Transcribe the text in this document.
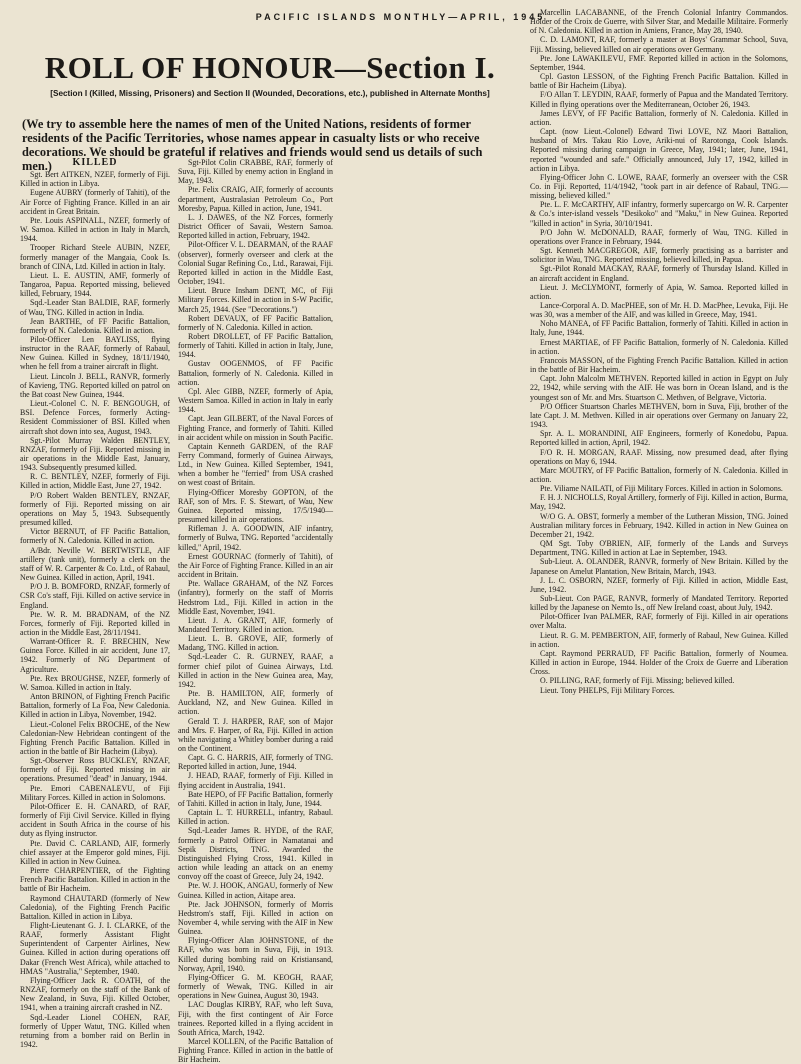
PACIFIC ISLANDS MONTHLY—APRIL, 1945
ROLL OF HONOUR—Section I.
[Section I (Killed, Missing, Prisoners) and Section II (Wounded, Decorations, etc.), published in Alternate Months]
(We try to assemble here the names of men of the United Nations, residents of former residents of the Pacific Territories, whose names appear in casualty lists or who receive decorations. We should be grateful if relatives and friends would send us details of such men.)	KILLED

Sgt. Bert AITKEN, NZEF, formerly of Fiji. Killed in action in Libya.

Eugene AUBRY (formerly of Tahiti), of the Air Force of Fighting France. Killed in an air accident in Great Britain.

Pte. Louis ASPINALL, NZEF, formerly of W. Samoa. Killed in action in Italy in March, 1944.

Trooper Richard Steele AUBIN, NZEF, formerly manager of the Mangaia, Cook Is. branch of CINA, Ltd. Killed in action in Italy.

Lieut. L. E. AUSTIN, AMF, formerly of Tangaroa, Papua. Reported missing, believed killed, February, 1944.

Sqd.-Leader Stan BALDIE, RAF, formerly of Wau, TNG. Killed in action in India.

Jean BARTHE, of FF Pacific Battalion, formerly of N. Caledonia. Killed in action.

Pilot-Officer Len BAYLISS, flying instructor in the RAAF, formerly of Rabaul, New Guinea. Killed in Sydney, 18/11/1940, when he fell from a trainer aircraft in flight.

Lieut. Lincoln J. BELL, RANVR, formerly of Kavieng, TNG. Reported killed on patrol on the Bat coast New Guinea, 1944.

Lieut.-Colonel C. N. F. BENGOUGH, of BSI. Defence Forces, formerly Acting-Resident Commissioner of BSI. Killed when aircraft shot down into sea, August, 1943.

Sgt.-Pilot Murray Walden BENTLEY, RNZAF, formerly of Fiji. Reported missing in air operations in the Middle East, January, 1943. Subsequently presumed killed.

R. C. BENTLEY, NZEF, formerly of Fiji. Killed in action, Middle East, June 27, 1942.

P/O Robert Walden BENTLEY, RNZAF, formerly of Fiji. Reported missing on air operations on May 5, 1943. Subsequently presumed killed.

Victor BERNUT, of FF Pacific Battalion, formerly of N. Caledonia. Killed in action.

A/Bdr. Neville W. BERTWISTLE, AIF artillery (tank unit), formerly a clerk on the staff of W. R. Carpenter & Co. Ltd., of Rabaul, New Guinea. Killed in action, April, 1941.

P/O J. B. BOMFORD, RNZAF, formerly of CSR Co's staff, Fiji. Killed on active service in England.

Pte. W. R. M. BRADNAM, of the NZ Forces, formerly of Fiji. Reported killed in action in the Middle East, 28/11/1941.

Warrant-Officer R. F. BRECHIN, New Guinea Force. Killed in air accident, June 17, 1942. Formerly of NG Department of Agriculture.

Pte. Rex BROUGHSE, NZEF, formerly of W. Samoa. Killed in action in Italy.

Anton BRINON, of Fighting French Pacific Battalion, formerly of La Foa, New Caledonia. Killed in action in Libya, November, 1942.

Lieut.-Colonel Felix BROCHE, of the New Caledonian-New Hebridean contingent of the Fighting French Pacific Battalion. Killed in action in the battle of Bir Hacheim (Libya).

Sgt.-Observer Ross BUCKLEY, RNZAF, formerly of Fiji. Reported missing in air operations. Presumed "dead" in January, 1944.

Pte. Emori CABENALEVU, of Fiji Military Forces. Killed in action in Solomons.

Pilot-Officer E. H. CANARD, of RAF, formerly of Fiji Civil Service. Killed in flying accident in South Africa in the course of his duty as flying instructor.

Pte. David C. CARLAND, AIF, formerly chief assayer at the Emperor gold mines, Fiji. Killed in action in New Guinea.

Pierre CHARPENTIER, of the Fighting French Pacific Battalion. Killed in action in the battle of Bir Hacheim.

Raymond CHAUTARD (formerly of New Caledonia), of the Fighting French Pacific Battalion. Killed in action in Libya.

Flight-Lieutenant G. J. I. CLARKE, of the RAAF, formerly Assistant Flight Superintendent of Carpenter Airlines, New Guinea. Killed in action during operations off Dakar (French West Africa), while attached to HMAS "Australia," September, 1940.

Flying-Officer Jack R. COATH, of the RNZAF, formerly on the staff of the Bank of New Zealand, in Suva, Fiji. Killed October, 1941, when a training aircraft crashed in NZ.

Sqd.-Leader Lionel COHEN, RAF, formerly of Upper Watut, TNG. Killed when returning from a bomber raid on Berlin in 1942.

Sgt-Pilot Colin CRABBE, RAF, formerly of Suva, Fiji. Killed by enemy action in England in May, 1943.

Pte. Felix CRAIG, AIF, formerly of accounts department, Australasian Petroleum Co., Port Moresby, Papua. Killed in action, June, 1941.

L. J. DAWES, of the NZ Forces, formerly District Officer of Savaii, Western Samoa. Reported killed in action, February, 1942.

Pilot-Officer V. L. DEARMAN, of the RAAF (observer), formerly overseer and clerk at the Colonial Sugar Refining Co., Ltd., Rarawai, Fiji. Reported killed in action in the Middle East, October, 1941.

Lieut. Bruce Insham DENT, MC, of Fiji Military Forces. Killed in action in S-W Pacific, March 25, 1944. (See "Decorations.")

Robert DEVAUX, of FF Pacific Battalion, formerly of N. Caledonia. Killed in action.

Robert DROLLET, of FF Pacific Battalion, formerly of Tahiti. Killed in action in Italy, June, 1944.

Gustav OOGENMOS, of FF Pacific Battalion, formerly of N. Caledonia. Killed in action.

Cpl. Alec GIBB, NZEF, formerly of Apia, Western Samoa. Killed in action in Italy in early 1944.

Capt. Jean GILBERT, of the Naval Forces of Fighting France, and formerly of Tahiti. Killed in air accident while on mission in South Pacific.

Captain Kenneth GARDEN, of the RAF Ferry Command, formerly of Guinea Airways, Ltd., in New Guinea. Killed September, 1941, when a bomber he "ferried" from USA crashed on west coast of Britain.

Flying-Officer Moresby GOPTON, of the RAF, son of Mrs. F. S. Stewart, of Wau, New Guinea. Reported missing, 17/5/1940—presumed killed in air operations.

Rifleman J. A. GOODWIN, AIF infantry, formerly of Bulwa, TNG. Reported "accidentally killed," April, 1942.

Ernest GOURNAC (formerly of Tahiti), of the Air Force of Fighting France. Killed in an air accident in Britain.

Pte. Wallace GRAHAM, of the NZ Forces (infantry), formerly on the staff of Morris Hedstrom Ltd., Fiji. Killed in action in the Middle East, November, 1941.

Lieut. J. A. GRANT, AIF, formerly of Mandated Territory. Killed in action.

Lieut. L. B. GROVE, AIF, formerly of Madang, TNG. Killed in action.

Sqd.-Leader C. R. GURNEY, RAAF, a former chief pilot of Guinea Airways, Ltd. Killed in action in the New Guinea area, May, 1942.

Pte. B. HAMILTON, AIF, formerly of Auckland, NZ, and New Guinea. Killed in action.

Gerald T. J. HARPER, RAF, son of Major and Mrs. F. Harper, of Ra, Fiji. Killed in action while navigating a Whitley bomber during a raid on the Continent.

Capt. G. C. HARRIS, AIF, formerly of TNG. Reported killed in action, June, 1944.

J. HEAD, RAAF, formerly of Fiji. Killed in flying accident in Australia, 1941.

Bate HEPO, of FF Pacific Battalion, formerly of Tahiti. Killed in action in Italy, June, 1944.

Captain L. T. HURRELL, infantry, Rabaul. Killed in action.

Sqd.-Leader James R. HYDE, of the RAF, formerly a Patrol Officer in Namatanai and Sepik Districts, TNG. Awarded the Distinguished Flying Cross, 1941. Killed in action while leading an attack on an enemy convoy off the coast of Greece, July 24, 1942.

Pte. W. J. HOOK, ANGAU, formerly of New Guinea. Killed in action, Aitape area.

Pte. Jack JOHNSON, formerly of Morris Hedstrom's staff, Fiji. Killed in action on November 4, while serving with the AIF in New Guinea.

Flying-Officer Alan JOHNSTONE, of the RAF, who was born in Suva, Fiji, in 1913. Killed during bombing raid on Kristiansand, Norway, April, 1940.

Flying-Officer G. M. KEOGH, RAAF, formerly of Wewak, TNG. Killed in air operations in New Guinea, August 30, 1943.

LAC Douglas KIRBY, RAF, who left Suva, Fiji, with the first contingent of Air Force trainees. Reported killed in a flying accident in South Africa, March, 1942.

Marcel KOLLEN, of the Pacific Battalion of Fighting France. Killed in action in the battle of Bir Hacheim.

Marcellin LACABANNE, of the French Colonial Infantry Commandos. Holder of the Croix de Guerre, with Silver Star, and Medaille Militaire. Formerly of N. Caledonia. Killed in action in Amiens, France, May 28, 1940.

C. D. LAMONT, RAF, formerly a master at Boys' Grammar School, Suva, Fiji. Missing, believed killed on air operations over Germany.

Pte. Jone LAWAKILEVU, FMF. Reported killed in action in the Solomons, September, 1944.

Cpl. Gaston LESSON, of the Fighting French Pacific Battalion. Killed in battle of Bir Hacheim (Libya).

F/O Allan T. LEYDIN, RAAF, formerly of Papua and the Mandated Territory. Killed in flying operations over the Mediterranean, October 26, 1943.

James LEVY, of FF Pacific Battalion, formerly of N. Caledonia. Killed in action.

Capt. (now Lieut.-Colonel) Edward Tiwi LOVE, NZ Maori Battalion, husband of Mrs. Takau Rio Love, Ariki-nui of Rarotonga, Cook Islands. Reported missing during campaign in Greece, May, 1941; later, June, 1941, reported "wounded and safe." Officially announced, July 17, 1942, killed in action in Libya.

Flying-Officer John C. LOWE, RAAF, formerly an overseer with the CSR Co. in Fiji. Reported, 11/4/1942, "took part in air defence of Rabaul, TNG.—missing, believed killed."

Pte. L. F. McCARTHY, AIF infantry, formerly supercargo on W. R. Carpenter & Co.'s inter-island vessels "Desikoko" and "Maku," in New Guinea. Reported "killed in action" in Syria, 30/10/1941.

P/O John W. McDONALD, RAAF, formerly of Wau, TNG. Killed in operations over France in February, 1944.

Sgt. Kenneth MACGREGOR, AIF, formerly practising as a barrister and solicitor in Wau, TNG. Reported missing, believed killed, in Papua.

Sgt.-Pilot Ronald MACKAY, RAAF, formerly of Thursday Island. Killed in an aircraft accident in England.

Lieut. J. McCLYMONT, formerly of Apia, W. Samoa. Reported killed in action.

Lance-Corporal A. D. MacPHEE, son of Mr. H. D. MacPhee, Levuka, Fiji. He was 30, was a member of the AIF, and was killed in Greece, May, 1941.

Noho MANEA, of FF Pacific Battalion, formerly of Tahiti. Killed in action in Italy, June, 1944.

Ernest MARTIAE, of FF Pacific Battalion, formerly of N. Caledonia. Killed in action.

Francois MASSON, of the Fighting French Pacific Battalion. Killed in action in the battle of Bir Hacheim.

Capt. John Malcolm METHVEN. Reported killed in action in Egypt on July 22, 1942, while serving with the AIF. He was born in Ocean Island, and is the youngest son of Mr. and Mrs. Stuartson C. Methven, of Belgrave, Victoria.

P/O Officer Stuartson Charles METHVEN, born in Suva, Fiji, brother of the late Capt. J. M. Methven. Killed in air operations over Germany on January 22, 1943.

Spr. A. L. MORANDINI, AIF Engineers, formerly of Konedobu, Papua. Reported killed in action, April, 1942.

F/O R. H. MORGAN, RAAF. Missing, now presumed dead, after flying operations on May 6, 1944.

Marc MOUTRY, of FF Pacific Battalion, formerly of N. Caledonia. Killed in action.

Pte. Viliame NAILATI, of Fiji Military Forces. Killed in action in Solomons.

F. H. J. NICHOLLS, Royal Artillery, formerly of Fiji. Killed in action, Burma, May, 1942.

W/O G. A. OBST, formerly a member of the Lutheran Mission, TNG. Joined Australian military forces in February, 1942. Killed in action in New Guinea on December 21, 1942.

QM Sgt. Toby O'BRIEN, AIF, formerly of the Lands and Surveys Department, TNG. Killed in action at Lae in September, 1943.

Sub-Lieut. A. OLANDER, RANVR, formerly of New Britain. Killed by the Japanese on Amelut Plantation, New Britain, March, 1943.

J. L. C. OSBORN, NZEF, formerly of Fiji. Killed in action, Middle East, June, 1942.

Sub-Lieut. Con PAGE, RANVR, formerly of Mandated Territory. Reported killed by the Japanese on Nemto Is., off New Ireland coast, about July, 1942.

Pilot-Officer Ivan PALMER, RAF, formerly of Fiji. Killed in air operations over Malta.

Lieut. R. G. M. PEMBERTON, AIF, formerly of Rabaul, New Guinea. Killed in action.

Capt. Raymond PERRAUD, FF Pacific Battalion, formerly of Noumea. Killed in action in Europe, 1944. Holder of the Croix de Guerre and Liberation Cross.

O. PILLING, RAF, formerly of Fiji. Missing; believed killed.

Lieut. Tony PHELPS, Fiji Military Forces.
